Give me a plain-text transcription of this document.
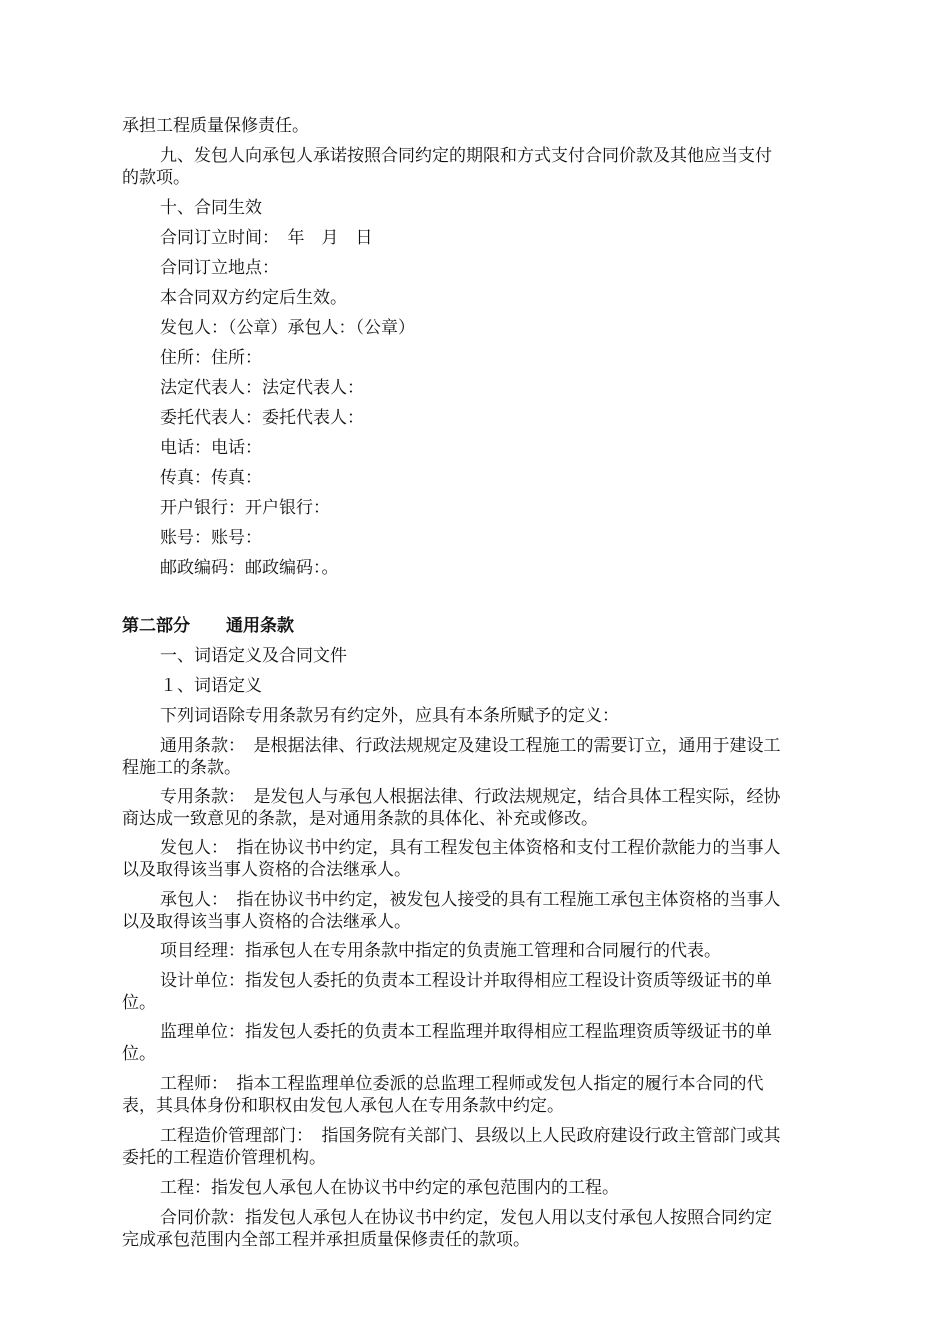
承担工程质量保修责任。

九、发包人向承包人承诺按照合同约定的期限和方式支付合同价款及其他应当支付的款项。

十、合同生效

合同订立时间：　年　月　日

合同订立地点：

本合同双方约定后生效。

发包人：（公章）承包人：（公章）

住所：住所：

法定代表人：法定代表人：

委托代表人：委托代表人：

电话：电话：

传真：传真：

开户银行：开户银行：

账号：账号：

邮政编码：邮政编码：。

第二部分 通用条款

一、词语定义及合同文件

１、词语定义

下列词语除专用条款另有约定外，应具有本条所赋予的定义：

通用条款：　是根据法律、行政法规规定及建设工程施工的需要订立，通用于建设工程施工的条款。

专用条款：　是发包人与承包人根据法律、行政法规规定，结合具体工程实际，经协商达成一致意见的条款，是对通用条款的具体化、补充或修改。

发包人：　指在协议书中约定，具有工程发包主体资格和支付工程价款能力的当事人以及取得该当事人资格的合法继承人。

承包人：　指在协议书中约定，被发包人接受的具有工程施工承包主体资格的当事人以及取得该当事人资格的合法继承人。

项目经理：指承包人在专用条款中指定的负责施工管理和合同履行的代表。

设计单位：指发包人委托的负责本工程设计并取得相应工程设计资质等级证书的单位。

监理单位：指发包人委托的负责本工程监理并取得相应工程监理资质等级证书的单位。

工程师：　指本工程监理单位委派的总监理工程师或发包人指定的履行本合同的代表，其具体身份和职权由发包人承包人在专用条款中约定。

工程造价管理部门：　指国务院有关部门、县级以上人民政府建设行政主管部门或其委托的工程造价管理机构。

工程：指发包人承包人在协议书中约定的承包范围内的工程。

合同价款：指发包人承包人在协议书中约定，发包人用以支付承包人按照合同约定完成承包范围内全部工程并承担质量保修责任的款项。
